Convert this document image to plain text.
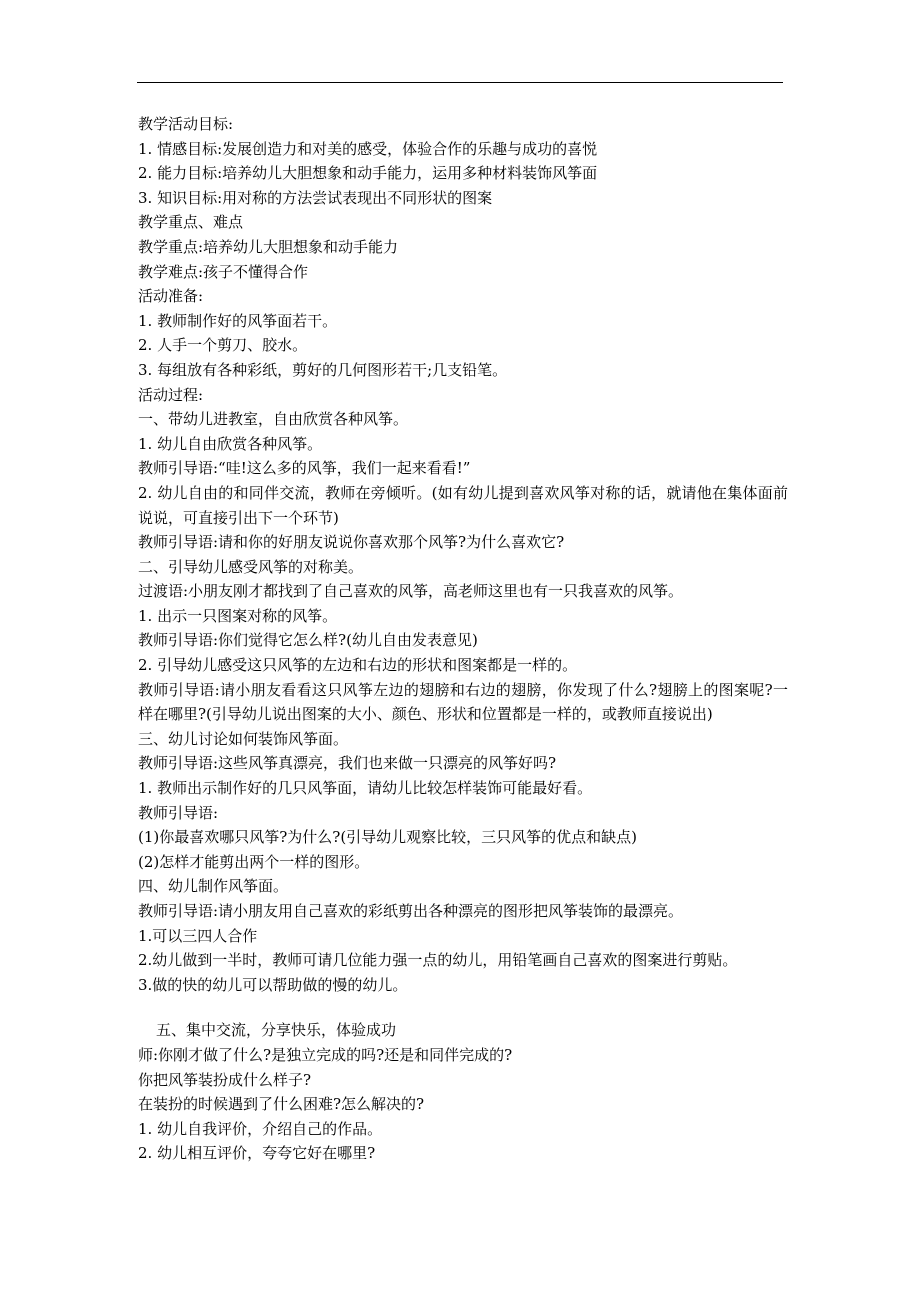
教学活动目标:

1. 情感目标:发展创造力和对美的感受，体验合作的乐趣与成功的喜悦

2. 能力目标:培养幼儿大胆想象和动手能力，运用多种材料装饰风筝面

3. 知识目标:用对称的方法尝试表现出不同形状的图案

教学重点、难点

教学重点:培养幼儿大胆想象和动手能力

教学难点:孩子不懂得合作

活动准备:

1. 教师制作好的风筝面若干。

2. 人手一个剪刀、胶水。

3. 每组放有各种彩纸，剪好的几何图形若干;几支铅笔。

活动过程:

一、带幼儿进教室，自由欣赏各种风筝。

1. 幼儿自由欣赏各种风筝。

教师引导语:“哇!这么多的风筝，我们一起来看看!”

2. 幼儿自由的和同伴交流，教师在旁倾听。(如有幼儿提到喜欢风筝对称的话，就请他在集体面前说说，可直接引出下一个环节)

教师引导语:请和你的好朋友说说你喜欢那个风筝?为什么喜欢它?

二、引导幼儿感受风筝的对称美。

过渡语:小朋友刚才都找到了自己喜欢的风筝，高老师这里也有一只我喜欢的风筝。

1. 出示一只图案对称的风筝。

教师引导语:你们觉得它怎么样?(幼儿自由发表意见)

2. 引导幼儿感受这只风筝的左边和右边的形状和图案都是一样的。

教师引导语:请小朋友看看这只风筝左边的翅膀和右边的翅膀，你发现了什么?翅膀上的图案呢?一样在哪里?(引导幼儿说出图案的大小、颜色、形状和位置都是一样的，或教师直接说出)

三、幼儿讨论如何装饰风筝面。

教师引导语:这些风筝真漂亮，我们也来做一只漂亮的风筝好吗?

1. 教师出示制作好的几只风筝面，请幼儿比较怎样装饰可能最好看。

教师引导语:

(1)你最喜欢哪只风筝?为什么?(引导幼儿观察比较，三只风筝的优点和缺点)

(2)怎样才能剪出两个一样的图形。

四、幼儿制作风筝面。

教师引导语:请小朋友用自己喜欢的彩纸剪出各种漂亮的图形把风筝装饰的最漂亮。

1.可以三四人合作

2.幼儿做到一半时，教师可请几位能力强一点的幼儿，用铅笔画自己喜欢的图案进行剪贴。

3.做的快的幼儿可以帮助做的慢的幼儿。

五、集中交流，分享快乐，体验成功

师:你刚才做了什么?是独立完成的吗?还是和同伴完成的?

你把风筝装扮成什么样子?

在装扮的时候遇到了什么困难?怎么解决的?

1. 幼儿自我评价，介绍自己的作品。

2. 幼儿相互评价，夸夸它好在哪里?
